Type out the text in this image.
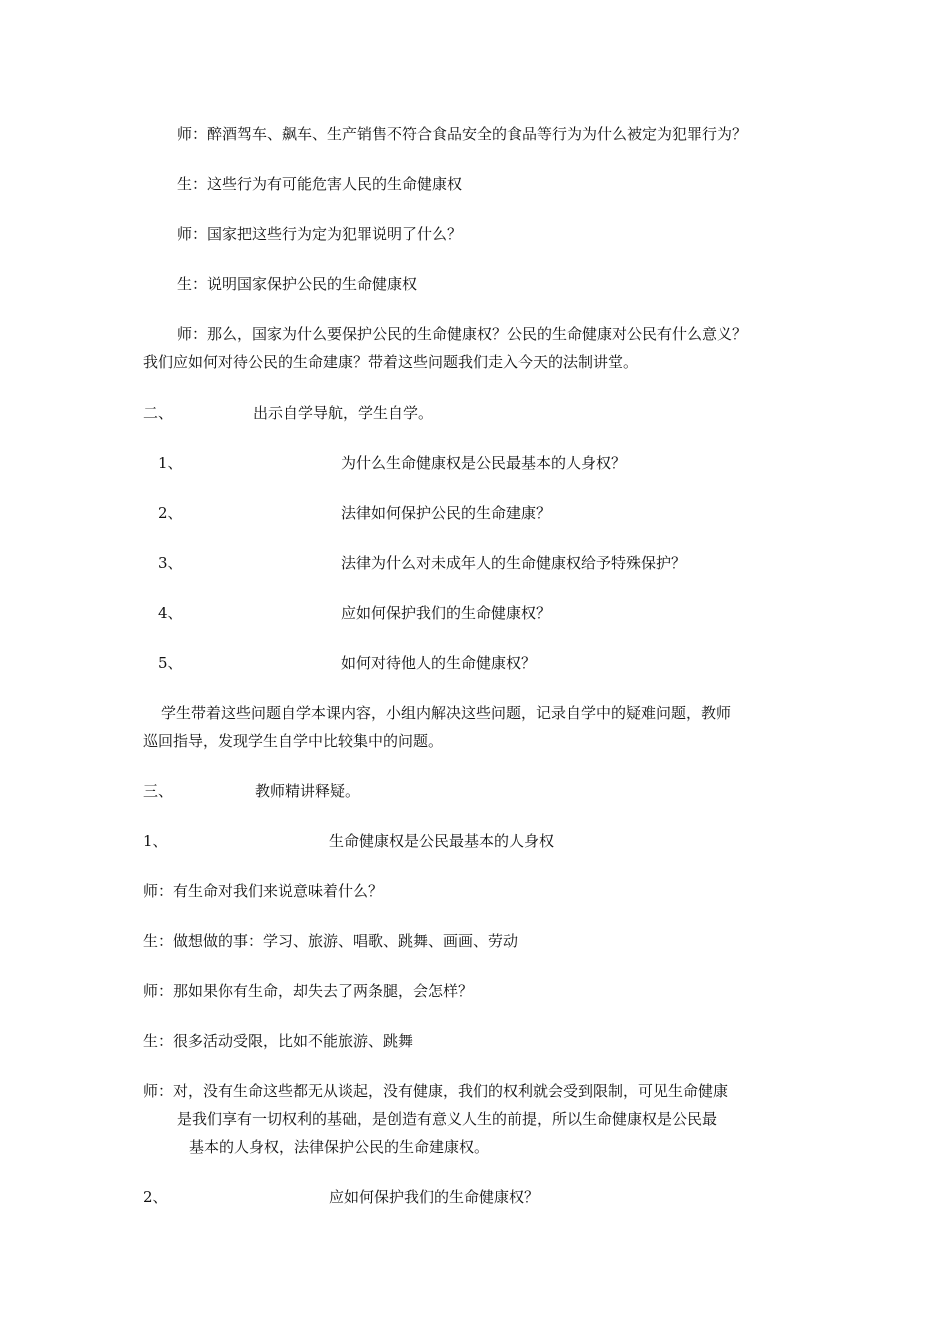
师：醉酒驾车、飙车、生产销售不符合食品安全的食品等行为为什么被定为犯罪行为？
生：这些行为有可能危害人民的生命健康权
师：国家把这些行为定为犯罪说明了什么？
生：说明国家保护公民的生命健康权
师：那么，国家为什么要保护公民的生命健康权？公民的生命健康对公民有什么意义？
我们应如何对待公民的生命建康？带着这些问题我们走入今天的法制讲堂。
二、	出示自学导航，学生自学。
1、	为什么生命健康权是公民最基本的人身权？
2、	法律如何保护公民的生命建康？
3、	法律为什么对未成年人的生命健康权给予特殊保护？
4、	应如何保护我们的生命健康权？
5、	如何对待他人的生命健康权？
学生带着这些问题自学本课内容，小组内解决这些问题，记录自学中的疑难问题，教师
巡回指导，发现学生自学中比较集中的问题。
三、	教师精讲释疑。
1、	生命健康权是公民最基本的人身权
师：有生命对我们来说意味着什么？
生：做想做的事：学习、旅游、唱歌、跳舞、画画、劳动
师：那如果你有生命，却失去了两条腿，会怎样？
生：很多活动受限，比如不能旅游、跳舞
师：对，没有生命这些都无从谈起，没有健康，我们的权利就会受到限制，可见生命健康
是我们享有一切权利的基础，是创造有意义人生的前提，所以生命健康权是公民最
基本的人身权，法律保护公民的生命建康权。
2、	应如何保护我们的生命健康权？
